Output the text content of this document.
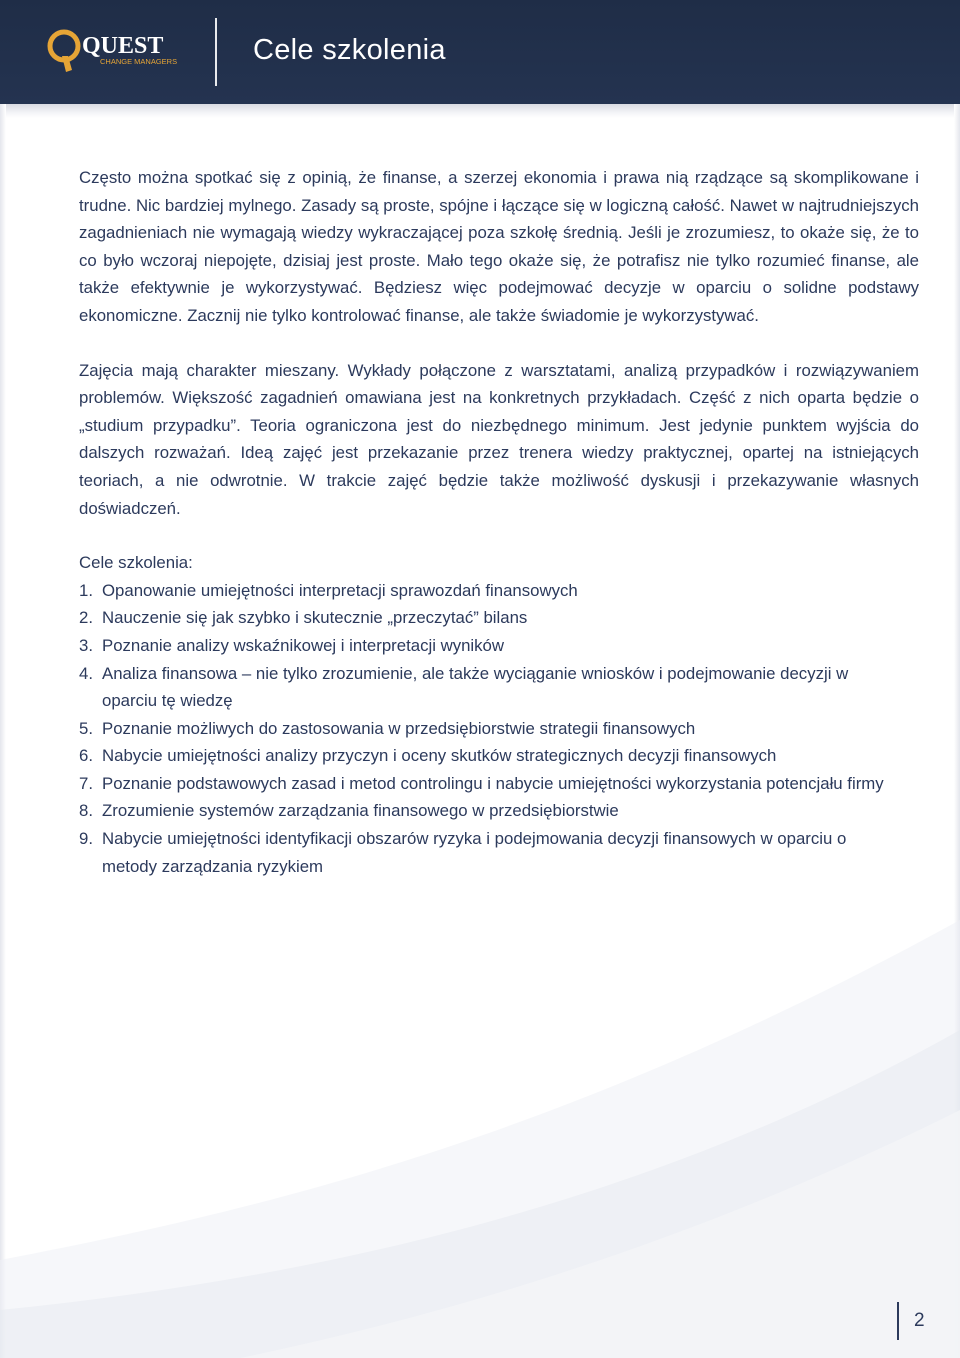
QUEST
CHANGE MANAGERS	Cele szkolenia

Często można spotkać się z opinią, że finanse, a szerzej ekonomia i prawa nią rządzące są skomplikowane i trudne. Nic bardziej mylnego. Zasady są proste, spójne i łączące się w logiczną całość. Nawet w najtrudniejszych zagadnieniach nie wymagają wiedzy wykraczającej poza szkołę średnią. Jeśli je zrozumiesz, to okaże się, że to co było wczoraj niepojęte, dzisiaj jest proste. Mało tego okaże się, że potrafisz nie tylko rozumieć finanse, ale także efektywnie je wykorzystywać. Będziesz więc podejmować decyzje w oparciu o solidne podstawy ekonomiczne. Zacznij nie tylko kontrolować finanse, ale także świadomie je wykorzystywać.

Zajęcia mają charakter mieszany. Wykłady połączone z warsztatami, analizą przypadków i rozwiązywaniem problemów. Większość zagadnień omawiana jest na konkretnych przykładach. Część z nich oparta będzie o „studium przypadku”. Teoria ograniczona jest do niezbędnego minimum. Jest jedynie punktem wyjścia do dalszych rozważań. Ideą zajęć jest przekazanie przez trenera wiedzy praktycznej, opartej na istniejących teoriach, a nie odwrotnie. W trakcie zajęć będzie także możliwość dyskusji i przekazywanie własnych doświadczeń.

Cele szkolenia:

1. Opanowanie umiejętności interpretacji sprawozdań finansowych
2. Nauczenie się jak szybko i skutecznie „przeczytać” bilans
3. Poznanie analizy wskaźnikowej i interpretacji wyników
4. Analiza finansowa – nie tylko zrozumienie, ale także wyciąganie wniosków i podejmowanie decyzji w oparciu tę wiedzę
5. Poznanie możliwych do zastosowania w przedsiębiorstwie strategii finansowych
6. Nabycie umiejętności analizy przyczyn i oceny skutków strategicznych decyzji finansowych
7. Poznanie podstawowych zasad i metod controlingu i nabycie umiejętności wykorzystania potencjału firmy
8. Zrozumienie systemów zarządzania finansowego w przedsiębiorstwie
9. Nabycie umiejętności identyfikacji obszarów ryzyka i podejmowania decyzji finansowych w oparciu o metody zarządzania ryzykiem
2
